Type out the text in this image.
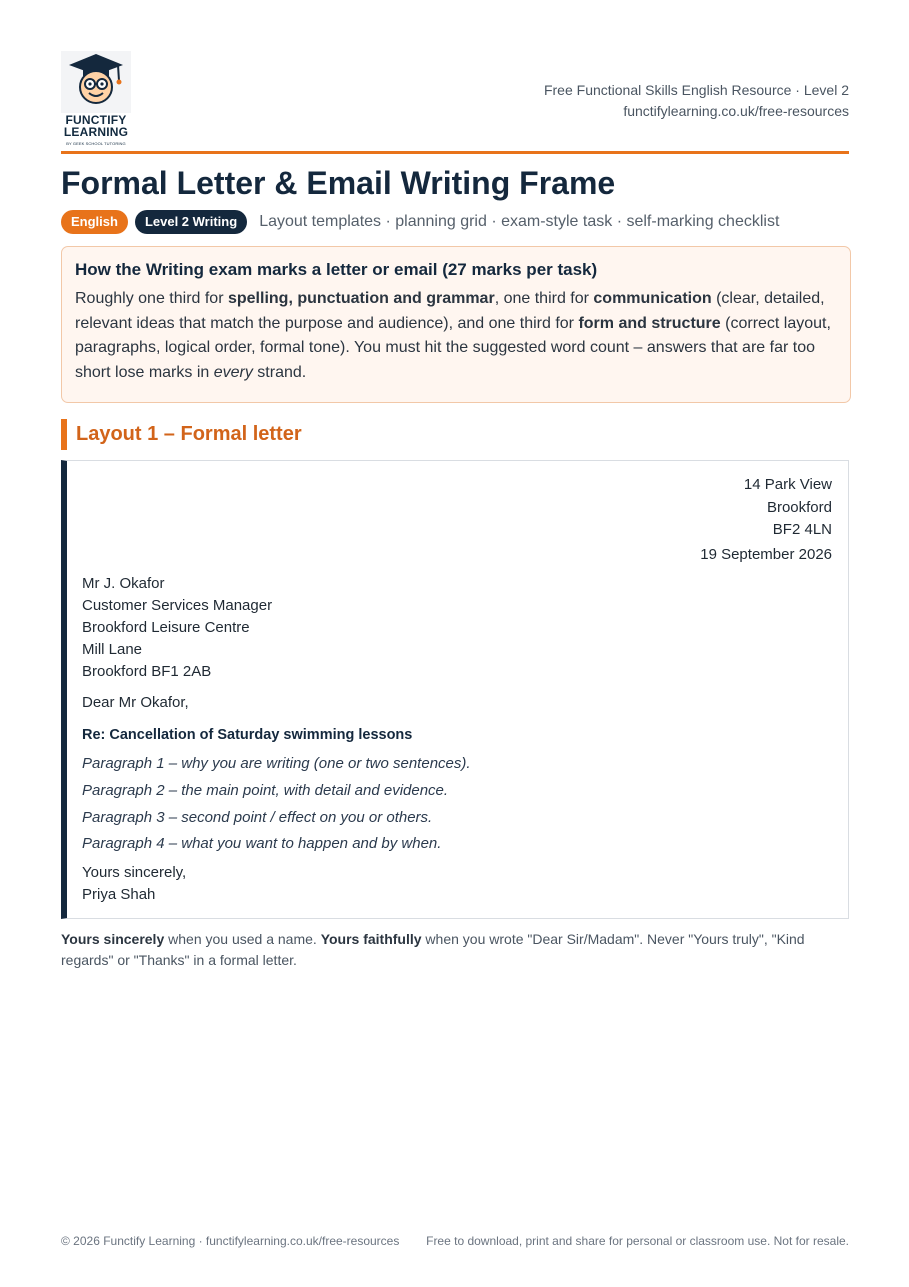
FUNCTIFY
LEARNING
BY GEEK SCHOOL TUTORING
Free Functional Skills English Resource · Level 2
functifylearning.co.uk/free-resources
Formal Letter & Email Writing Frame
English	Level 2 Writing	Layout templates · planning grid · exam-style task · self-marking checklist
How the Writing exam marks a letter or email (27 marks per task)

Roughly one third for spelling, punctuation and grammar, one third for communication (clear, detailed, relevant ideas that match the purpose and audience), and one third for form and structure (correct layout, paragraphs, logical order, formal tone). You must hit the suggested word count – answers that are far too short lose marks in every strand.

Layout 1 – Formal letter
14 Park View
Brookford
BF2 4LN
19 September 2026
Mr J. Okafor
Customer Services Manager
Brookford Leisure Centre
Mill Lane
Brookford BF1 2AB
Dear Mr Okafor,
Re: Cancellation of Saturday swimming lessons
Paragraph 1 – why you are writing (one or two sentences).
Paragraph 2 – the main point, with detail and evidence.
Paragraph 3 – second point / effect on you or others.
Paragraph 4 – what you want to happen and by when.
Yours sincerely,
Priya Shah
Yours sincerely when you used a name. Yours faithfully when you wrote "Dear Sir/Madam". Never "Yours truly", "Kind regards" or "Thanks" in a formal letter.
© 2026 Functify Learning · functifylearning.co.uk/free-resources	Free to download, print and share for personal or classroom use. Not for resale.
